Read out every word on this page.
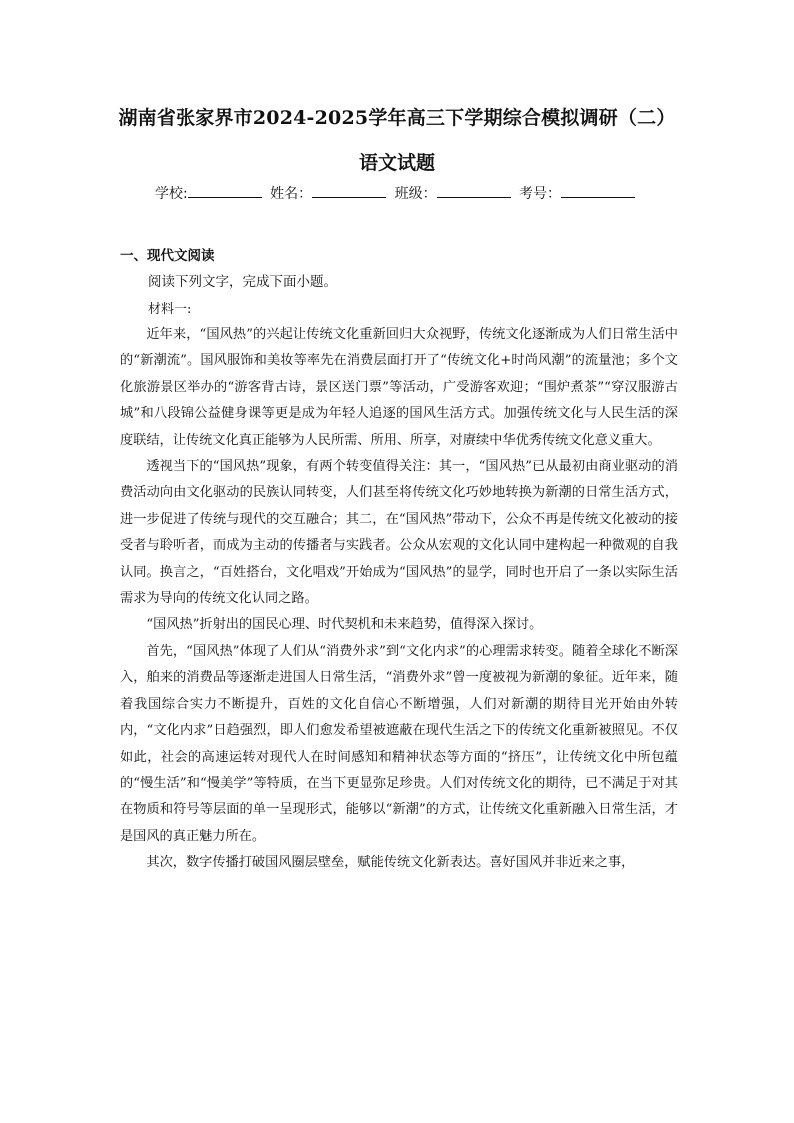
湖南省张家界市2024-2025学年高三下学期综合模拟调研（二）
语文试题
学校:	姓名：	班级：	考号：
一、现代文阅读
阅读下列文字，完成下面小题。
材料一:

近年来，“国风热”的兴起让传统文化重新回归大众视野，传统文化逐渐成为人们日常生活中的“新潮流”。国风服饰和美妆等率先在消费层面打开了“传统文化+时尚风潮”的流量池；多个文化旅游景区举办的“游客背古诗，景区送门票”等活动，广受游客欢迎；“围炉煮茶”“穿汉服游古城”和八段锦公益健身课等更是成为年轻人追逐的国风生活方式。加强传统文化与人民生活的深度联结，让传统文化真正能够为人民所需、所用、所享，对赓续中华优秀传统文化意义重大。

透视当下的“国风热”现象，有两个转变值得关注：其一，“国风热”已从最初由商业驱动的消费活动向由文化驱动的民族认同转变，人们甚至将传统文化巧妙地转换为新潮的日常生活方式，进一步促进了传统与现代的交互融合；其二，在“国风热”带动下，公众不再是传统文化被动的接受者与聆听者，而成为主动的传播者与实践者。公众从宏观的文化认同中建构起一种微观的自我认同。换言之，“百姓搭台，文化唱戏”开始成为“国风热”的显学，同时也开启了一条以实际生活需求为导向的传统文化认同之路。

“国风热”折射出的国民心理、时代契机和未来趋势，值得深入探讨。

首先，“国风热”体现了人们从“消费外求”到“文化内求”的心理需求转变。随着全球化不断深入，舶来的消费品等逐渐走进国人日常生活，“消费外求”曾一度被视为新潮的象征。近年来，随着我国综合实力不断提升，百姓的文化自信心不断增强，人们对新潮的期待目光开始由外转内，“文化内求”日趋强烈，即人们愈发希望被遮蔽在现代生活之下的传统文化重新被照见。不仅如此，社会的高速运转对现代人在时间感知和精神状态等方面的“挤压”，让传统文化中所包蕴的“慢生活”和“慢美学”等特质，在当下更显弥足珍贵。人们对传统文化的期待，已不满足于对其在物质和符号等层面的单一呈现形式，能够以“新潮”的方式，让传统文化重新融入日常生活，才是国风的真正魅力所在。

其次，数字传播打破国风圈层壁垒，赋能传统文化新表达。喜好国风并非近来之事，
